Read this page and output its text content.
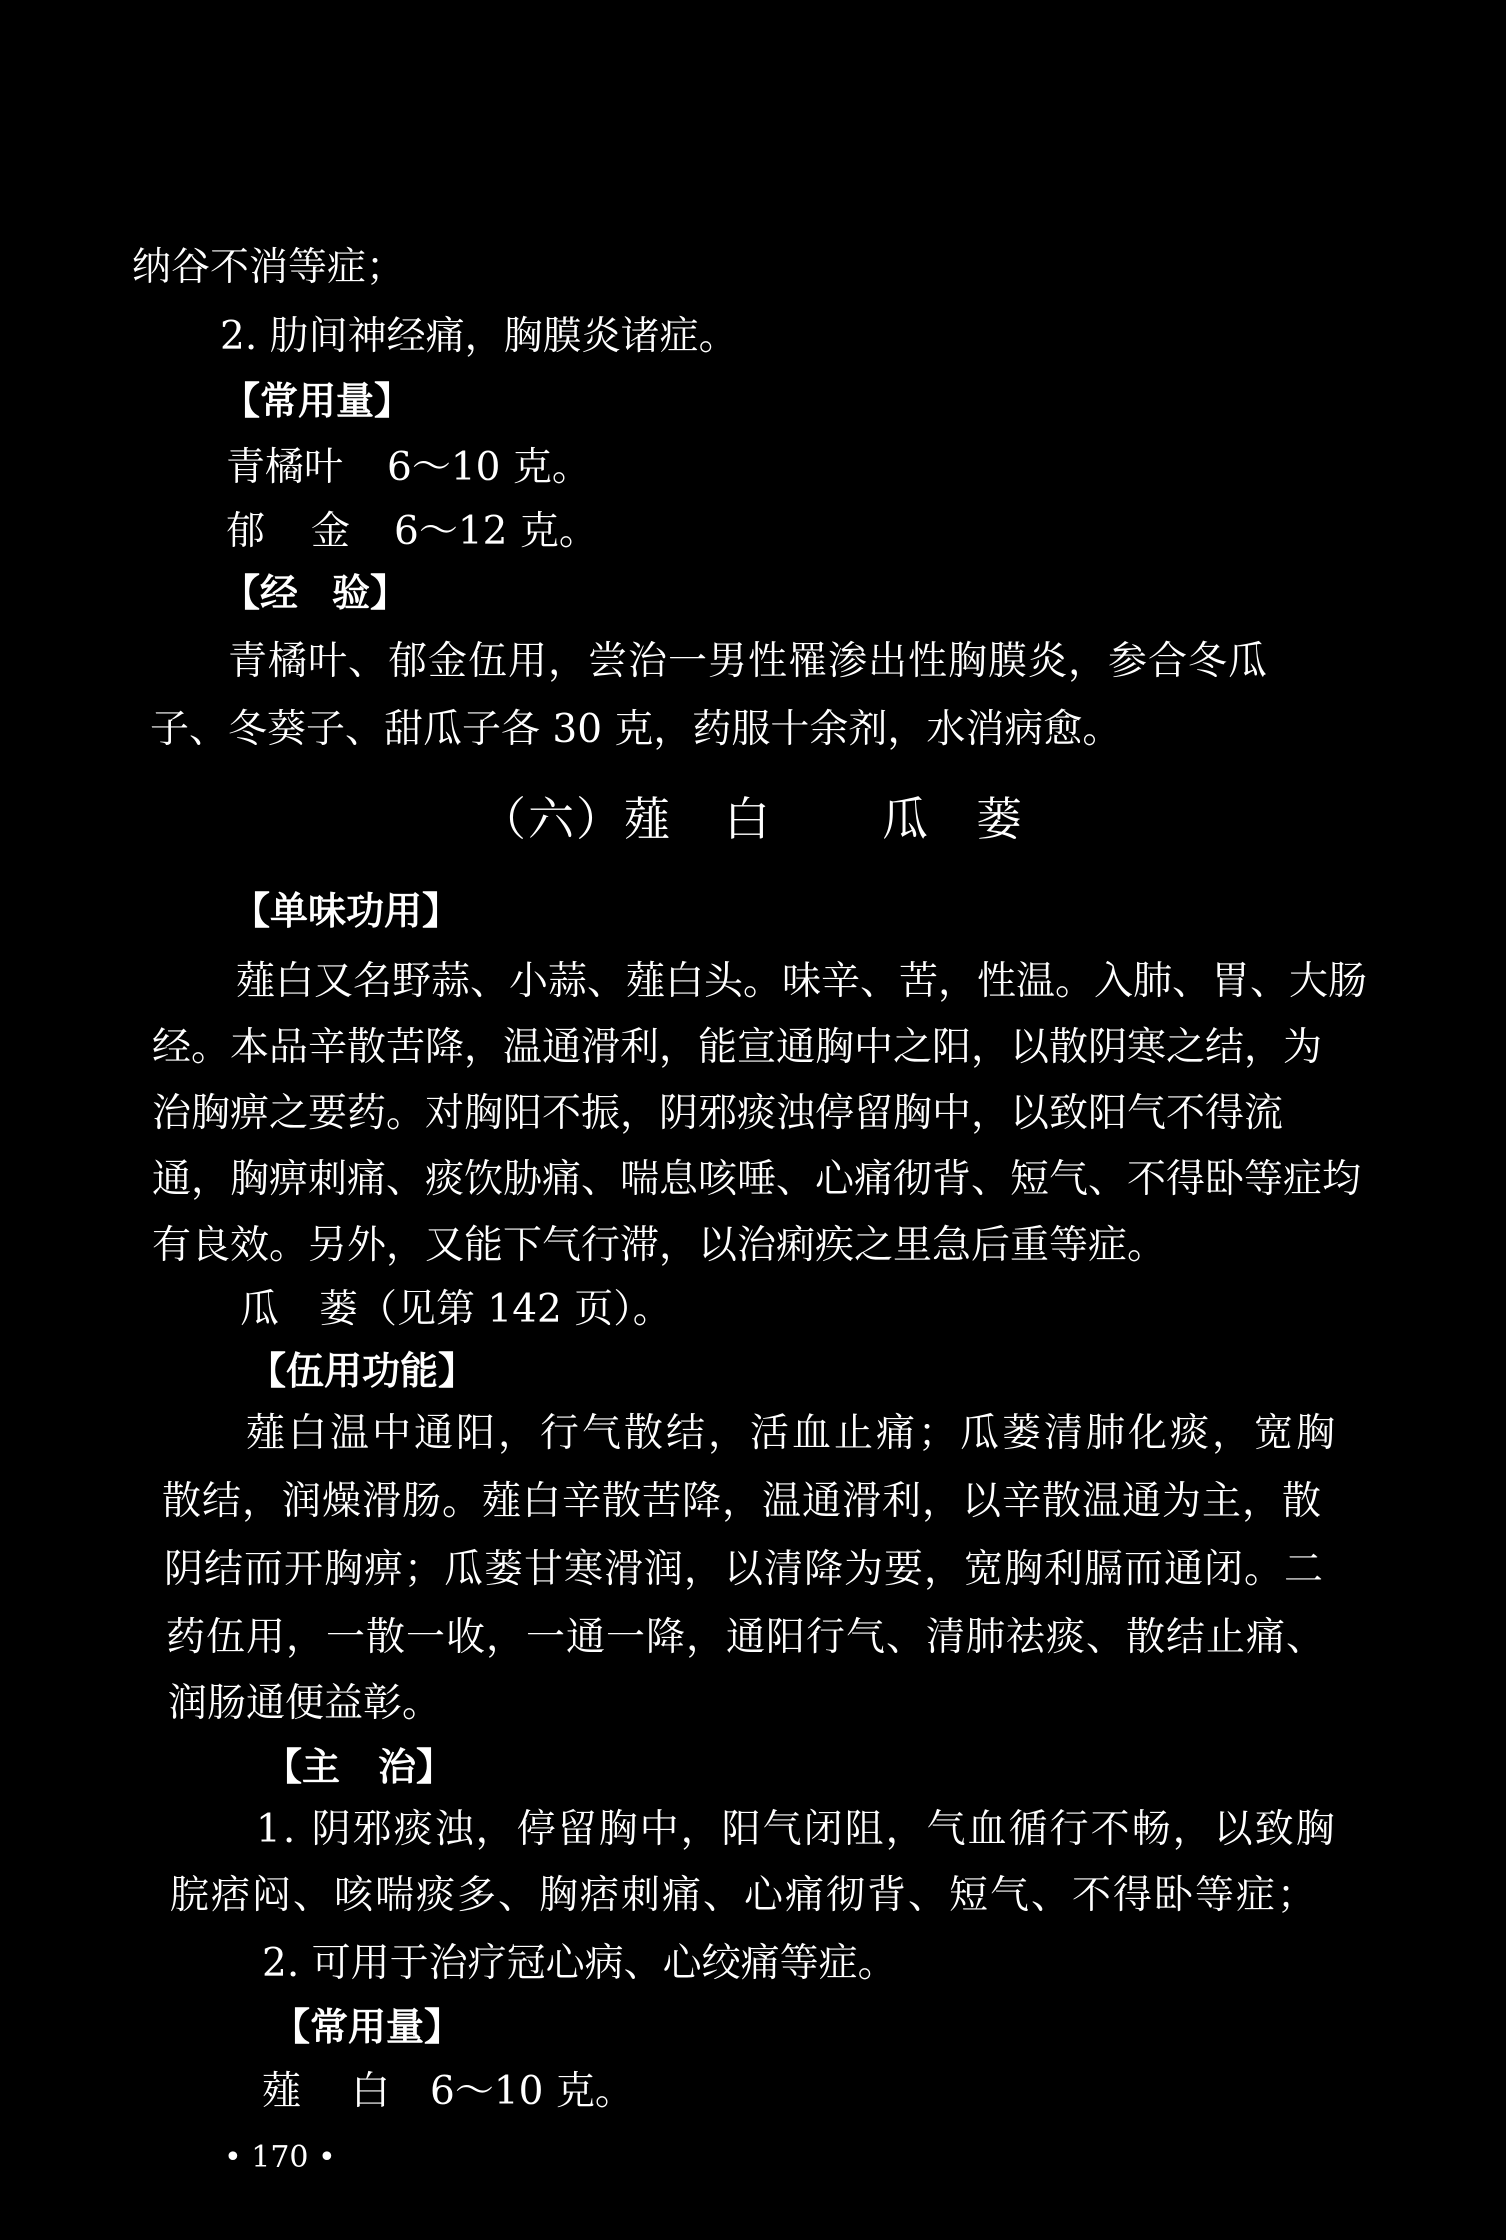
纳谷不消等症；
2. 肋间神经痛，胸膜炎诸症。
【常用量】
青橘叶 6～10 克。
郁 金 6～12 克。
【经 验】
青橘叶、郁金伍用，尝治一男性罹渗出性胸膜炎，参合冬瓜
子、冬葵子、甜瓜子各 30 克，药服十余剂，水消病愈。
（六）薤 白 瓜 蒌
【单味功用】
薤白又名野蒜、小蒜、薤白头。味辛、苦，性温。入肺、胃、大肠
经。本品辛散苦降，温通滑利，能宣通胸中之阳，以散阴寒之结，为
治胸痹之要药。对胸阳不振，阴邪痰浊停留胸中，以致阳气不得流
通，胸痹刺痛、痰饮胁痛、喘息咳唾、心痛彻背、短气、不得卧等症均
有良效。另外，又能下气行滞，以治痢疾之里急后重等症。
瓜 蒌（见第 142 页）。
【伍用功能】
薤白温中通阳，行气散结，活血止痛；瓜蒌清肺化痰，宽胸
散结，润燥滑肠。薤白辛散苦降，温通滑利，以辛散温通为主，散
阴结而开胸痹；瓜蒌甘寒滑润，以清降为要，宽胸利膈而通闭。二
药伍用，一散一收，一通一降，通阳行气、清肺祛痰、散结止痛、
润肠通便益彰。
【主 治】
1. 阴邪痰浊，停留胸中，阳气闭阻，气血循行不畅，以致胸
脘痞闷、咳喘痰多、胸痞刺痛、心痛彻背、短气、不得卧等症；
2. 可用于治疗冠心病、心绞痛等症。
【常用量】
薤 白 6～10 克。
• 170 •
